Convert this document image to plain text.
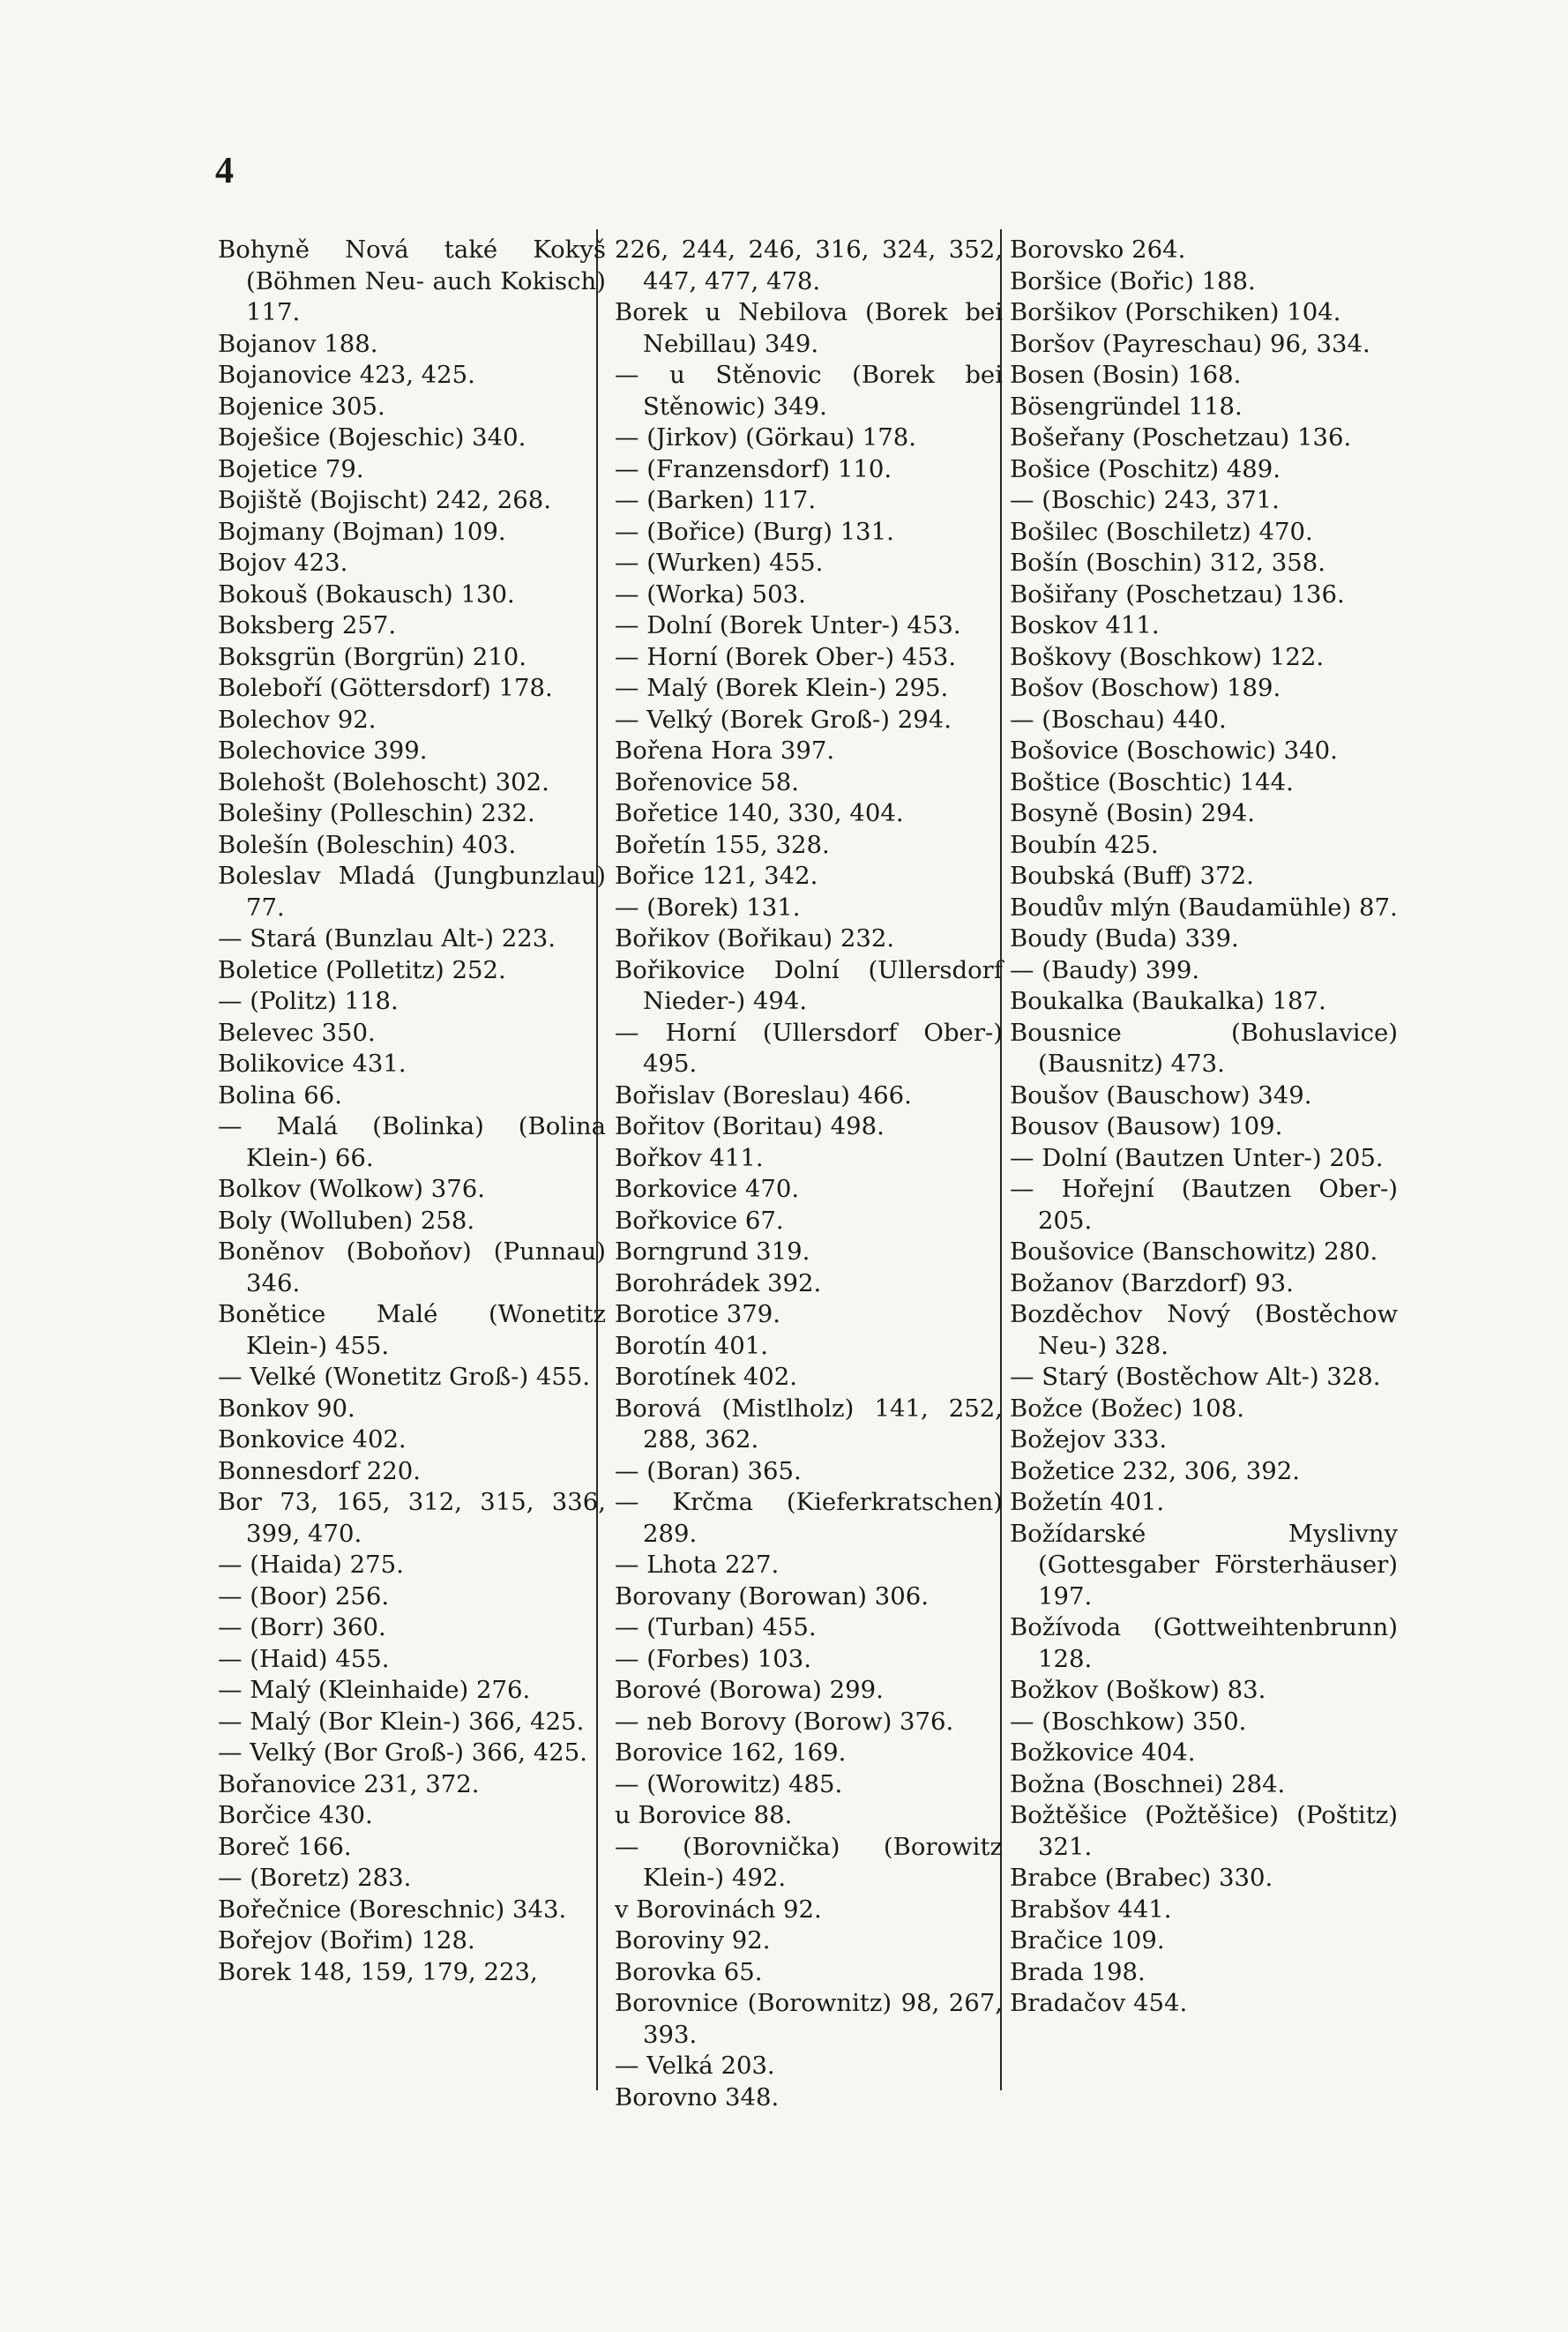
4
Bohyně Nová také Kokyš (Böhmen Neu- auch Kokisch) 117.
Bojanov 188.
Bojanovice 423, 425.
Bojenice 305.
Boješice (Bojeschic) 340.
Bojetice 79.
Bojiště (Bojischt) 242, 268.
Bojmany (Bojman) 109.
Bojov 423.
Bokouš (Bokausch) 130.
Boksberg 257.
Boksgrün (Borgrün) 210.
Boleboří (Göttersdorf) 178.
Bolechov 92.
Bolechovice 399.
Bolehošt (Bolehoscht) 302.
Bolešiny (Polleschin) 232.
Bolešín (Boleschin) 403.
Boleslav Mladá (Jungbunzlau) 77.
— Stará (Bunzlau Alt-) 223.
Boletice (Polletitz) 252.
— (Politz) 118.
Belevec 350.
Bolikovice 431.
Bolina 66.
— Malá (Bolinka) (Bolina Klein-) 66.
Bolkov (Wolkow) 376.
Boly (Wolluben) 258.
Boněnov (Boboňov) (Punnau) 346.
Bonětice Malé (Wonetitz Klein-) 455.
— Velké (Wonetitz Groß-) 455.
Bonkov 90.
Bonkovice 402.
Bonnesdorf 220.
Bor 73, 165, 312, 315, 336, 399, 470.
— (Haida) 275.
— (Boor) 256.
— (Borr) 360.
— (Haid) 455.
— Malý (Kleinhaide) 276.
— Malý (Bor Klein-) 366, 425.
— Velký (Bor Groß-) 366, 425.
Bořanovice 231, 372.
Borčice 430.
Boreč 166.
— (Boretz) 283.
Bořečnice (Boreschnic) 343.
Bořejov (Bořim) 128.
Borek 148, 159, 179, 223,
226, 244, 246, 316, 324, 352, 447, 477, 478.
Borek u Nebilova (Borek bei Nebillau) 349.
— u Stěnovic (Borek bei Stěnowic) 349.
— (Jirkov) (Görkau) 178.
— (Franzensdorf) 110.
— (Barken) 117.
— (Bořice) (Burg) 131.
— (Wurken) 455.
— (Worka) 503.
— Dolní (Borek Unter-) 453.
— Horní (Borek Ober-) 453.
— Malý (Borek Klein-) 295.
— Velký (Borek Groß-) 294.
Bořena Hora 397.
Bořenovice 58.
Bořetice 140, 330, 404.
Bořetín 155, 328.
Bořice 121, 342.
— (Borek) 131.
Bořikov (Bořikau) 232.
Bořikovice Dolní (Ullersdorf Nieder-) 494.
— Horní (Ullersdorf Ober-) 495.
Bořislav (Boreslau) 466.
Bořitov (Boritau) 498.
Bořkov 411.
Borkovice 470.
Bořkovice 67.
Borngrund 319.
Borohrádek 392.
Borotice 379.
Borotín 401.
Borotínek 402.
Borová (Mistlholz) 141, 252, 288, 362.
— (Boran) 365.
— Krčma (Kieferkratschen) 289.
— Lhota 227.
Borovany (Borowan) 306.
— (Turban) 455.
— (Forbes) 103.
Borové (Borowa) 299.
— neb Borovy (Borow) 376.
Borovice 162, 169.
— (Worowitz) 485.
u Borovice 88.
— (Borovnička) (Borowitz Klein-) 492.
v Borovinách 92.
Boroviny 92.
Borovka 65.
Borovnice (Borownitz) 98, 267, 393.
— Velká 203.
Borovno 348.
Borovsko 264.
Boršice (Bořic) 188.
Boršikov (Porschiken) 104.
Boršov (Payreschau) 96, 334.
Bosen (Bosin) 168.
Bösengründel 118.
Bošeřany (Poschetzau) 136.
Bošice (Poschitz) 489.
— (Boschic) 243, 371.
Bošilec (Boschiletz) 470.
Bošín (Boschin) 312, 358.
Bošiřany (Poschetzau) 136.
Boskov 411.
Boškovy (Boschkow) 122.
Bošov (Boschow) 189.
— (Boschau) 440.
Bošovice (Boschowic) 340.
Boštice (Boschtic) 144.
Bosyně (Bosin) 294.
Boubín 425.
Boubská (Buff) 372.
Boudův mlýn (Baudamühle) 87.
Boudy (Buda) 339.
— (Baudy) 399.
Boukalka (Baukalka) 187.
Bousnice (Bohuslavice) (Bausnitz) 473.
Boušov (Bauschow) 349.
Bousov (Bausow) 109.
— Dolní (Bautzen Unter-) 205.
— Hořejní (Bautzen Ober-) 205.
Boušovice (Banschowitz) 280.
Božanov (Barzdorf) 93.
Bozděchov Nový (Bostěchow Neu-) 328.
— Starý (Bostěchow Alt-) 328.
Božce (Božec) 108.
Božejov 333.
Božetice 232, 306, 392.
Božetín 401.
Božídarské Myslivny (Gottesgaber Försterhäuser) 197.
Božívoda (Gottweihtenbrunn) 128.
Božkov (Boškow) 83.
— (Boschkow) 350.
Božkovice 404.
Božna (Boschnei) 284.
Božtěšice (Požtěšice) (Poštitz) 321.
Brabce (Brabec) 330.
Brabšov 441.
Bračice 109.
Brada 198.
Bradačov 454.
